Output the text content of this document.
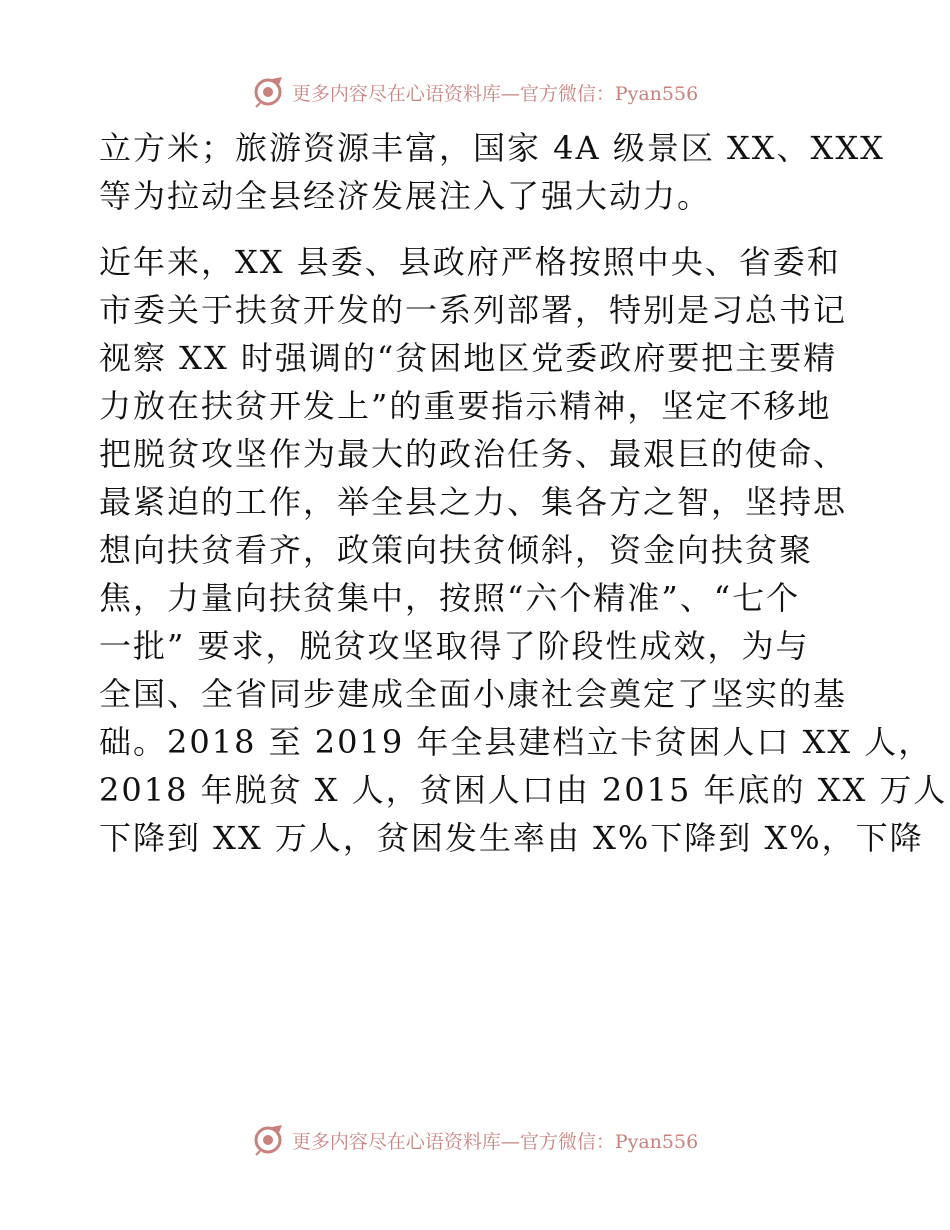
更多内容尽在心语资料库—官方微信：Pyan556
立方米；旅游资源丰富，国家 4A 级景区 XX、XXX
等为拉动全县经济发展注入了强大动力。
近年来，XX 县委、县政府严格按照中央、省委和
市委关于扶贫开发的一系列部署，特别是习总书记
视察 XX 时强调的“贫困地区党委政府要把主要精
力放在扶贫开发上”的重要指示精神，坚定不移地
把脱贫攻坚作为最大的政治任务、最艰巨的使命、
最紧迫的工作，举全县之力、集各方之智，坚持思
想向扶贫看齐，政策向扶贫倾斜，资金向扶贫聚
焦，力量向扶贫集中，按照“六个精准”、“七个
一批” 要求，脱贫攻坚取得了阶段性成效，为与
全国、全省同步建成全面小康社会奠定了坚实的基
础。2018 至 2019 年全县建档立卡贫困人口 XX 人，
2018 年脱贫 X 人，贫困人口由 2015 年底的 XX 万人
下降到 XX 万人，贫困发生率由 X%下降到 X%，下降
更多内容尽在心语资料库—官方微信：Pyan556
